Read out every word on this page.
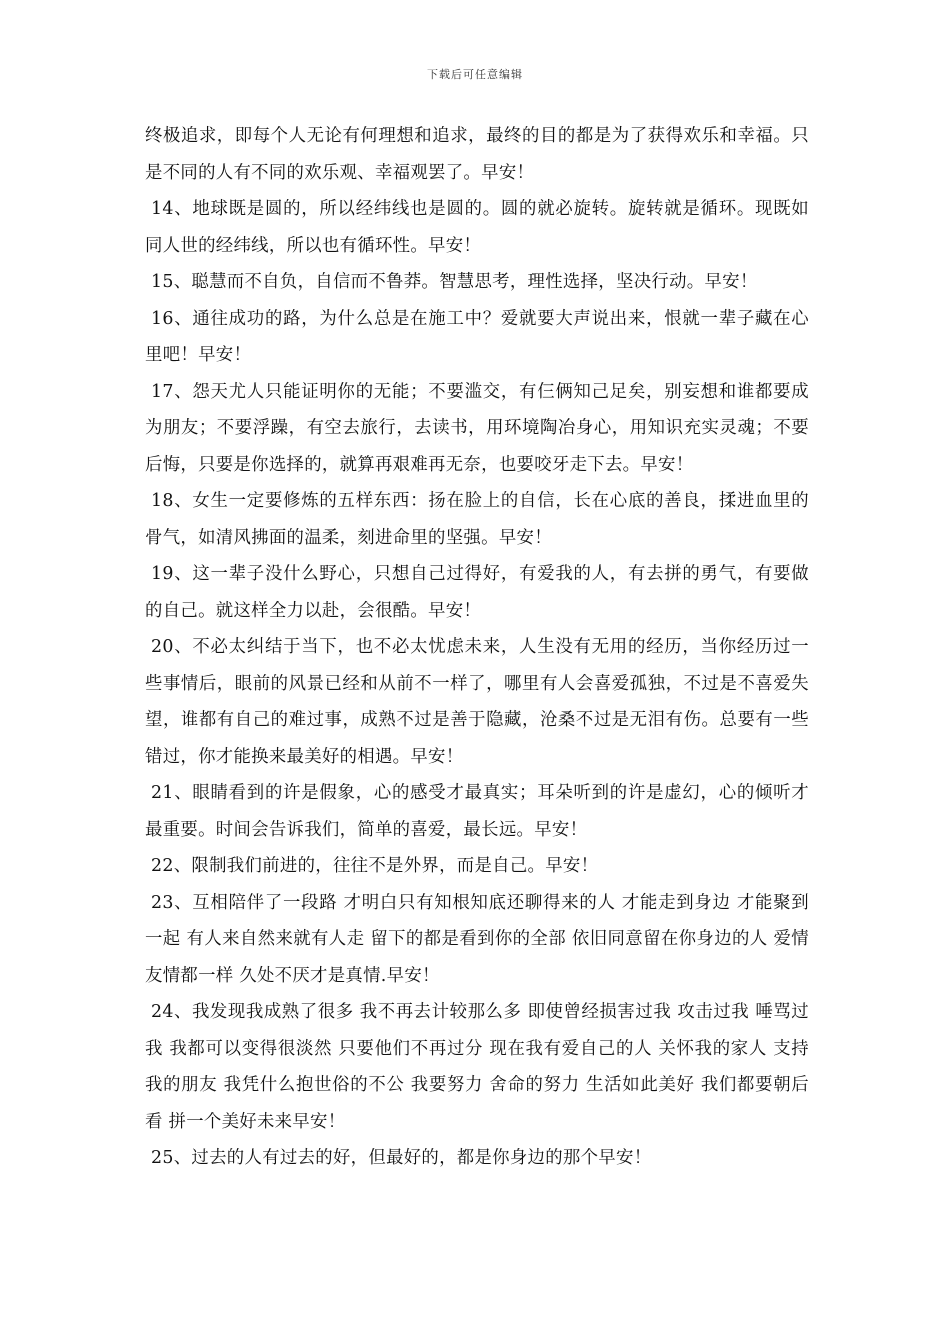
下载后可任意编辑

终极追求，即每个人无论有何理想和追求，最终的目的都是为了获得欢乐和幸福。只是不同的人有不同的欢乐观、幸福观罢了。早安！

14、地球既是圆的，所以经纬线也是圆的。圆的就必旋转。旋转就是循环。现既如同人世的经纬线，所以也有循环性。早安！

15、聪慧而不自负，自信而不鲁莽。智慧思考，理性选择，坚决行动。早安！

16、通往成功的路，为什么总是在施工中？爱就要大声说出来，恨就一辈子藏在心里吧！早安！

17、怨天尤人只能证明你的无能；不要滥交，有仨俩知己足矣，别妄想和谁都要成为朋友；不要浮躁，有空去旅行，去读书，用环境陶冶身心，用知识充实灵魂；不要后悔，只要是你选择的，就算再艰难再无奈，也要咬牙走下去。早安！

18、女生一定要修炼的五样东西：扬在脸上的自信，长在心底的善良，揉进血里的骨气，如清风拂面的温柔，刻进命里的坚强。早安！

19、这一辈子没什么野心，只想自己过得好，有爱我的人，有去拼的勇气，有要做的自己。就这样全力以赴，会很酷。早安！

20、不必太纠结于当下，也不必太忧虑未来，人生没有无用的经历，当你经历过一些事情后，眼前的风景已经和从前不一样了，哪里有人会喜爱孤独，不过是不喜爱失望，谁都有自己的难过事，成熟不过是善于隐藏，沧桑不过是无泪有伤。总要有一些错过，你才能换来最美好的相遇。早安！

21、眼睛看到的许是假象，心的感受才最真实；耳朵听到的许是虚幻，心的倾听才最重要。时间会告诉我们，简单的喜爱，最长远。早安！

22、限制我们前进的，往往不是外界，而是自己。早安！

23、互相陪伴了一段路 才明白只有知根知底还聊得来的人 才能走到身边 才能聚到一起 有人来自然来就有人走 留下的都是看到你的全部 依旧同意留在你身边的人 爱情友情都一样 久处不厌才是真情.早安！

24、我发现我成熟了很多 我不再去计较那么多 即使曾经损害过我 攻击过我 唾骂过我 我都可以变得很淡然 只要他们不再过分 现在我有爱自己的人 关怀我的家人 支持我的朋友 我凭什么抱世俗的不公 我要努力 舍命的努力 生活如此美好 我们都要朝后看 拼一个美好未来早安！

25、过去的人有过去的好，但最好的，都是你身边的那个早安！
